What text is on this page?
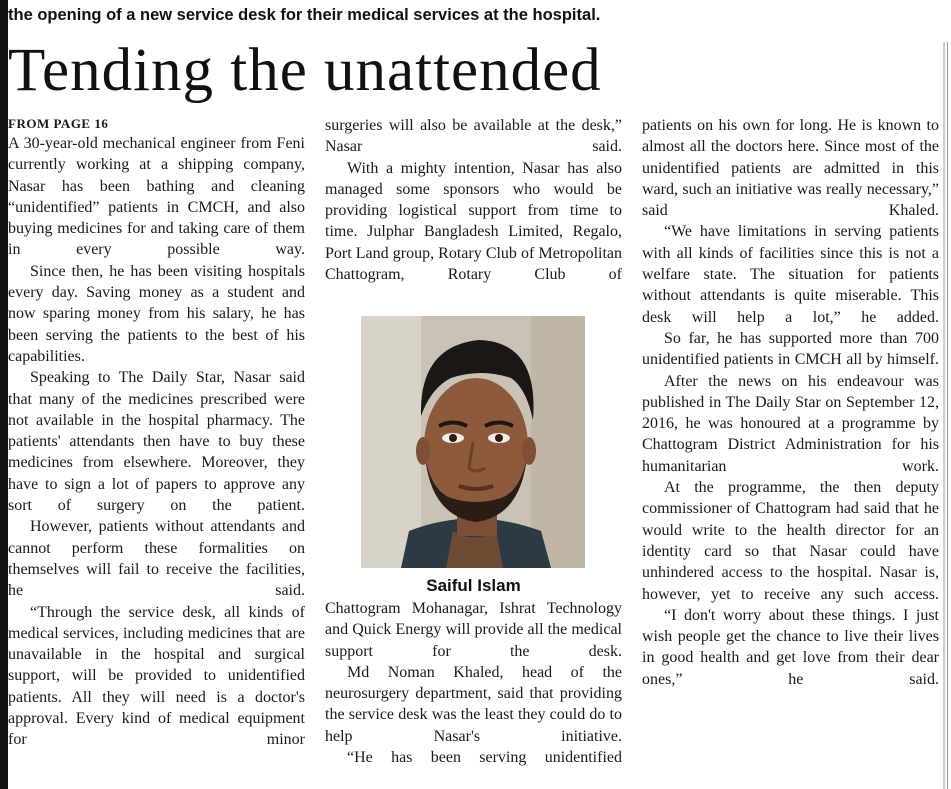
the opening of a new service desk for their medical services at the hospital.
Tending the unattended
FROM PAGE 16

A 30-year-old mechanical engineer from Feni currently working at a shipping company, Nasar has been bathing and cleaning “unidentified” patients in CMCH, and also buying medicines for and taking care of them in every possible way.

Since then, he has been visiting hospitals every day. Saving money as a student and now sparing money from his salary, he has been serving the patients to the best of his capabilities.

Speaking to The Daily Star, Nasar said that many of the medicines prescribed were not available in the hospital pharmacy. The patients' attendants then have to buy these medicines from elsewhere. Moreover, they have to sign a lot of papers to approve any sort of surgery on the patient.

However, patients without attendants and cannot perform these formalities on themselves will fail to receive the facilities, he said.

“Through the service desk, all kinds of medical services, including medicines that are unavailable in the hospital and surgical support, will be provided to unidentified patients. All they will need is a doctor's approval. Every kind of medical equipment for minor

surgeries will also be available at the desk,” Nasar said.

With a mighty intention, Nasar has also managed some sponsors who would be providing logistical support from time to time. Julphar Bangladesh Limited, Regalo, Port Land group, Rotary Club of Metropolitan Chattogram, Rotary Club of

Saiful Islam

Chattogram Mohanagar, Ishrat Technology and Quick Energy will provide all the medical support for the desk.

Md Noman Khaled, head of the neurosurgery department, said that providing the service desk was the least they could do to help Nasar's initiative.

“He has been serving unidentified

patients on his own for long. He is known to almost all the doctors here. Since most of the unidentified patients are admitted in this ward, such an initiative was really necessary,” said Khaled.

“We have limitations in serving patients with all kinds of facilities since this is not a welfare state. The situation for patients without attendants is quite miserable. This desk will help a lot,” he added.

So far, he has supported more than 700 unidentified patients in CMCH all by himself.

After the news on his endeavour was published in The Daily Star on September 12, 2016, he was honoured at a programme by Chattogram District Administration for his humanitarian work.

At the programme, the then deputy commissioner of Chattogram had said that he would write to the health director for an identity card so that Nasar could have unhindered access to the hospital. Nasar is, however, yet to receive any such access.

“I don't worry about these things. I just wish people get the chance to live their lives in good health and get love from their dear ones,” he said.
